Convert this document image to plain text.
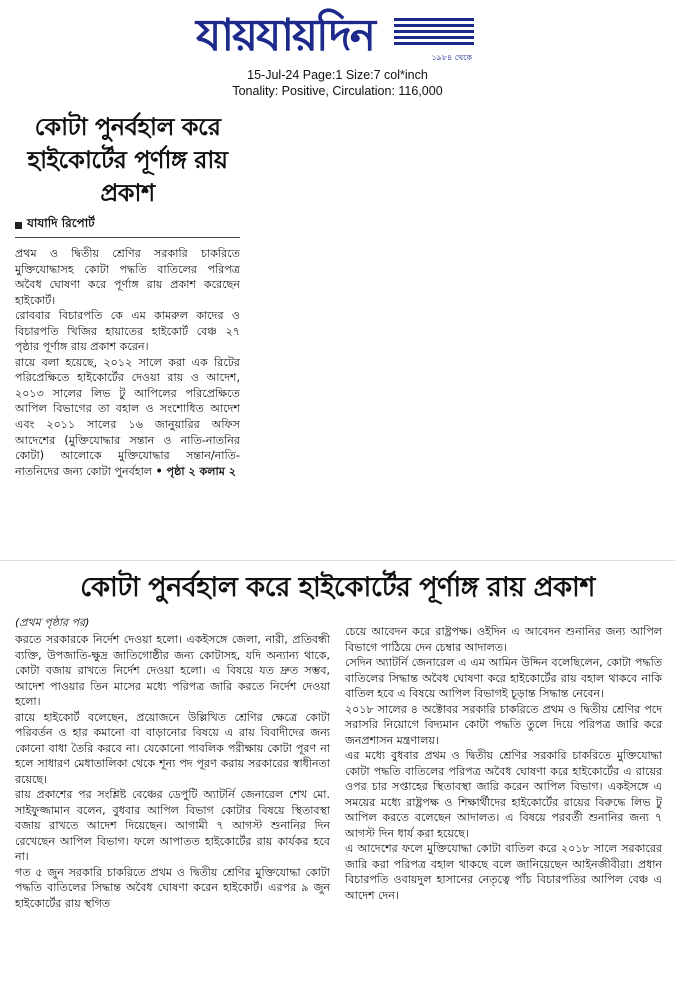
যায়যায়দিন	১৯৮৪ থেকে
15-Jul-24 Page:1 Size:7 col*inch
Tonality: Positive, Circulation: 116,000
কোটা পুনর্বহাল করে হাইকোর্টের পূর্ণাঙ্গ রায় প্রকাশ
যাযাদি রিপোর্ট

প্রথম ও দ্বিতীয় শ্রেণির সরকারি চাকরিতে মুক্তিযোদ্ধাসহ কোটা পদ্ধতি বাতিলের পরিপত্র অবৈধ ঘোষণা করে পূর্ণাঙ্গ রায় প্রকাশ করেছেন হাইকোর্ট।

রোববার বিচারপতি কে এম কামরুল কাদের ও বিচারপতি খিজির হায়াতের হাইকোর্ট বেঞ্চ ২৭ পৃষ্ঠার পূর্ণাঙ্গ রায় প্রকাশ করেন।

রায়ে বলা হয়েছে, ২০১২ সালে করা এক রিটের পরিপ্রেক্ষিতে হাইকোর্টের দেওয়া রায় ও আদেশ, ২০১৩ সালের লিভ টু আপিলের পরিপ্রেক্ষিতে আপিল বিভাগের তা বহাল ও সংশোধিত আদেশ এবং ২০১১ সালের ১৬ জানুয়ারির অফিস আদেশের (মুক্তিযোদ্ধার সন্তান ও নাতি-নাতনির কোটা) আলোকে মুক্তিযোদ্ধার সন্তান/নাতি-নাতনিদের জন্য কোটা পুনর্বহাল • পৃষ্ঠা ২ কলাম ২

কোটা পুনর্বহাল করে হাইকোর্টের পূর্ণাঙ্গ রায় প্রকাশ
(প্রথম পৃষ্ঠার পর)

করতে সরকারকে নির্দেশ দেওয়া হলো। একইসঙ্গে জেলা, নারী, প্রতিবন্ধী ব্যক্তি, উপজাতি-ক্ষুদ্র জাতিগোষ্ঠীর জন্য কোটাসহ, যদি অন্যান্য থাকে, কোটা বজায় রাখতে নির্দেশ দেওয়া হলো। এ বিষয়ে যত দ্রুত সম্ভব, আদেশ পাওয়ার তিন মাসের মধ্যে পরিপত্র জারি করতে নির্দেশ দেওয়া হলো।

রায়ে হাইকোর্ট বলেছেন, প্রয়োজনে উল্লিখিত শ্রেণির ক্ষেত্রে কোটা পরিবর্তন ও হার কমানো বা বাড়ানোর বিষয়ে এ রায় বিবাদীদের জন্য কোনো বাধা তৈরি করবে না। যেকোনো পাবলিক পরীক্ষায় কোটা পূরণ না হলে সাধারণ মেধাতালিকা থেকে শূন্য পদ পূরণ করায় সরকারের স্বাধীনতা রয়েছে।

রায় প্রকাশের পর সংশ্লিষ্ট বেঞ্চের ডেপুটি অ্যাটর্নি জেনারেল শেখ মো. সাইফুজ্জামান বলেন, বুধবার আপিল বিভাগ কোটার বিষয়ে স্থিতাবস্থা বজায় রাখতে আদেশ দিয়েছেন। আগামী ৭ আগস্ট শুনানির দিন রেখেছেন আপিল বিভাগ। ফলে আপাতত হাইকোর্টের রায় কার্যকর হবে না।

গত ৫ জুন সরকারি চাকরিতে প্রথম ও দ্বিতীয় শ্রেণির মুক্তিযোদ্ধা কোটা পদ্ধতি বাতিলের সিদ্ধান্ত অবৈধ ঘোষণা করেন হাইকোর্ট। এরপর ৯ জুন হাইকোর্টের রায় স্থগিত

চেয়ে আবেদন করে রাষ্ট্রপক্ষ। ওইদিন এ আবেদন শুনানির জন্য আপিল বিভাগে পাঠিয়ে দেন চেম্বার আদালত।

সেদিন অ্যাটর্নি জেনারেল এ এম আমিন উদ্দিন বলেছিলেন, কোটা পদ্ধতি বাতিলের সিদ্ধান্ত অবৈধ ঘোষণা করে হাইকোর্টের রায় বহাল থাকবে নাকি বাতিল হবে এ বিষয়ে আপিল বিভাগই চূড়ান্ত সিদ্ধান্ত নেবেন।

২০১৮ সালের ৪ অক্টোবর সরকারি চাকরিতে প্রথম ও দ্বিতীয় শ্রেণির পদে সরাসরি নিয়োগে বিদ্যমান কোটা পদ্ধতি তুলে দিয়ে পরিপত্র জারি করে জনপ্রশাসন মন্ত্রণালয়।

এর মধ্যে বুধবার প্রথম ও দ্বিতীয় শ্রেণির সরকারি চাকরিতে মুক্তিযোদ্ধা কোটা পদ্ধতি বাতিলের পরিপত্র অবৈধ ঘোষণা করে হাইকোর্টের এ রায়ের ওপর চার সপ্তাহের স্থিতাবস্থা জারি করেন আপিল বিভাগ। একইসঙ্গে এ সময়ের মধ্যে রাষ্ট্রপক্ষ ও শিক্ষার্থীদের হাইকোর্টের রায়ের বিরুদ্ধে লিভ টু আপিল করতে বলেছেন আদালত। এ বিষয়ে পরবর্তী শুনানির জন্য ৭ আগস্ট দিন ধার্য করা হয়েছে।

এ আদেশের ফলে মুক্তিযোদ্ধা কোটা বাতিল করে ২০১৮ সালে সরকারের জারি করা পরিপত্র বহাল থাকছে বলে জানিয়েছেন আইনজীবীরা। প্রধান বিচারপতি ওবায়দুল হাসানের নেতৃত্বে পাঁচ বিচারপতির আপিল বেঞ্চ এ আদেশ দেন।
